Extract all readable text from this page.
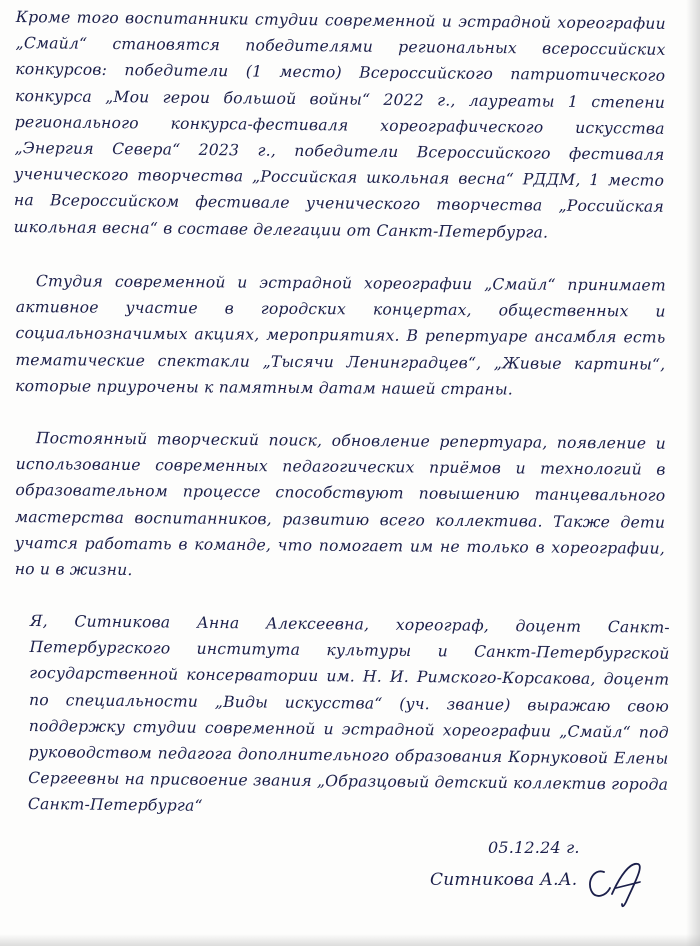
Кроме того воспитанники студии современной и эстрадной хореографии „Смайл“ становятся победителями региональных всероссийских конкурсов: победители (1 место) Всероссийского патриотического конкурса „Мои герои большой войны“ 2022 г., лауреаты 1 степени регионального конкурса-фестиваля хореографического искусства „Энергия Севера“ 2023 г., победители Всероссийского фестиваля ученического творчества „Российская школьная весна“ РДДМ, 1 место на Всероссийском фестивале ученического творчества „Российская школьная весна“ в составе делегации от Санкт-Петербурга.

Студия современной и эстрадной хореографии „Смайл“ принимает активное участие в городских концертах, общественных и социальнозначимых акциях, мероприятиях. В репертуаре ансамбля есть тематические спектакли „Тысячи Ленинградцев“, „Живые картины“, которые приурочены к памятным датам нашей страны.

Постоянный творческий поиск, обновление репертуара, появление и использование современных педагогических приёмов и технологий в образовательном процессе способствуют повышению танцевального мастерства воспитанников, развитию всего коллектива. Также дети учатся работать в команде, что помогает им не только в хореографии, но и в жизни.

Я, Ситникова Анна Алексеевна, хореограф, доцент Санкт-Петербургского института культуры и Санкт-Петербургской государственной консерватории им. Н. И. Римского-Корсакова, доцент по специальности „Виды искусства“ (уч. звание) выражаю свою поддержку студии современной и эстрадной хореографии „Смайл“ под руководством педагога дополнительного образования Корнуковой Елены Сергеевны на присвоение звания „Образцовый детский коллектив города Санкт-Петербурга“

05.12.24 г.
Ситникова А.А.
